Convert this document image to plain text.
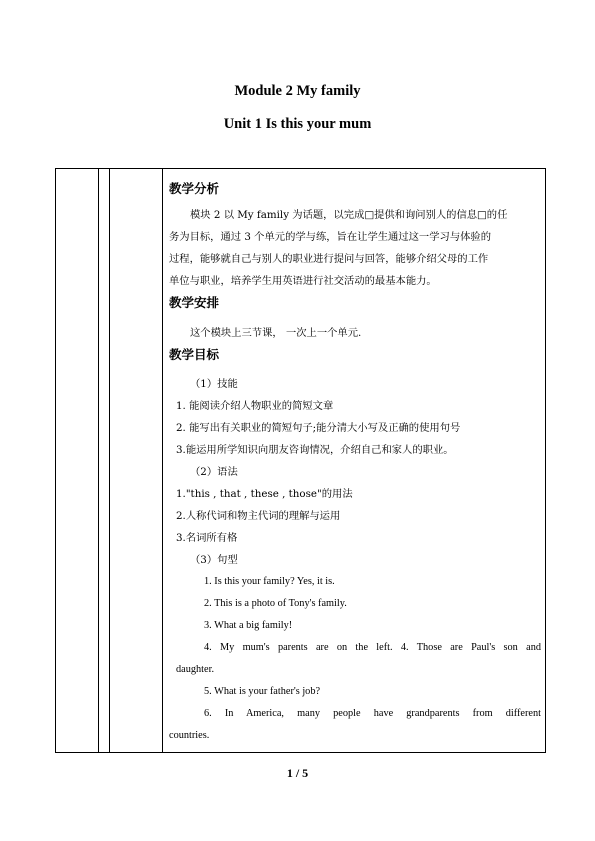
Module 2 My family
Unit 1 Is this your mum
教学分析
模块 2 以 My family 为话题，以完成□提供和询问别人的信息□的任
务为目标，通过 3 个单元的学与练，旨在让学生通过这一学习与体验的
过程，能够就自己与别人的职业进行提问与回答，能够介绍父母的工作
单位与职业，培养学生用英语进行社交活动的最基本能力。
教学安排
这个模块上三节课， 一次上一个单元.
教学目标
（1）技能
1. 能阅读介绍人物职业的简短文章
2. 能写出有关职业的简短句子;能分清大小写及正确的使用句号
3.能运用所学知识向朋友咨询情况，介绍自己和家人的职业。
（2）语法
1."this , that , these , those"的用法
2.人称代词和物主代词的理解与运用
3.名词所有格
（3）句型
1. Is this your family? Yes, it is.
2. This is a photo of Tony's family.
3. What a big family!
4. My mum's parents are on the left. 4. Those are Paul's son and
daughter.
5. What is your father's job?
6. In America, many people have grandparents from different
countries.
1 / 5
